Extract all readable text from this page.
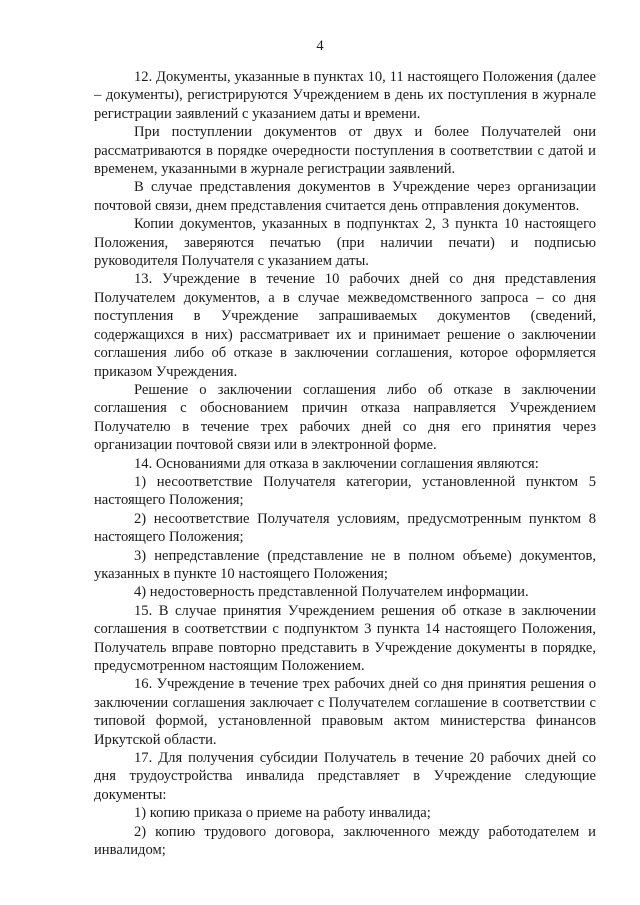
4

12. Документы, указанные в пунктах 10, 11 настоящего Положения (далее – документы), регистрируются Учреждением в день их поступления в журнале регистрации заявлений с указанием даты и времени.

При поступлении документов от двух и более Получателей они рассматриваются в порядке очередности поступления в соответствии с датой и временем, указанными в журнале регистрации заявлений.

В случае представления документов в Учреждение через организации почтовой связи, днем представления считается день отправления документов.

Копии документов, указанных в подпунктах 2, 3 пункта 10 настоящего Положения, заверяются печатью (при наличии печати) и подписью руководителя Получателя с указанием даты.

13. Учреждение в течение 10 рабочих дней со дня представления Получателем документов, а в случае межведомственного запроса – со дня поступления в Учреждение запрашиваемых документов (сведений, содержащихся в них) рассматривает их и принимает решение о заключении соглашения либо об отказе в заключении соглашения, которое оформляется приказом Учреждения.

Решение о заключении соглашения либо об отказе в заключении соглашения с обоснованием причин отказа направляется Учреждением Получателю в течение трех рабочих дней со дня его принятия через организации почтовой связи или в электронной форме.

14. Основаниями для отказа в заключении соглашения являются:

1) несоответствие Получателя категории, установленной пунктом 5 настоящего Положения;

2) несоответствие Получателя условиям, предусмотренным пунктом 8 настоящего Положения;

3) непредставление (представление не в полном объеме) документов, указанных в пункте 10 настоящего Положения;

4) недостоверность представленной Получателем информации.

15. В случае принятия Учреждением решения об отказе в заключении соглашения в соответствии с подпунктом 3 пункта 14 настоящего Положения, Получатель вправе повторно представить в Учреждение документы в порядке, предусмотренном настоящим Положением.

16. Учреждение в течение трех рабочих дней со дня принятия решения о заключении соглашения заключает с Получателем соглашение в соответствии с типовой формой, установленной правовым актом министерства финансов Иркутской области.

17. Для получения субсидии Получатель в течение 20 рабочих дней со дня трудоустройства инвалида представляет в Учреждение следующие документы:

1) копию приказа о приеме на работу инвалида;

2) копию трудового договора, заключенного между работодателем и инвалидом;
